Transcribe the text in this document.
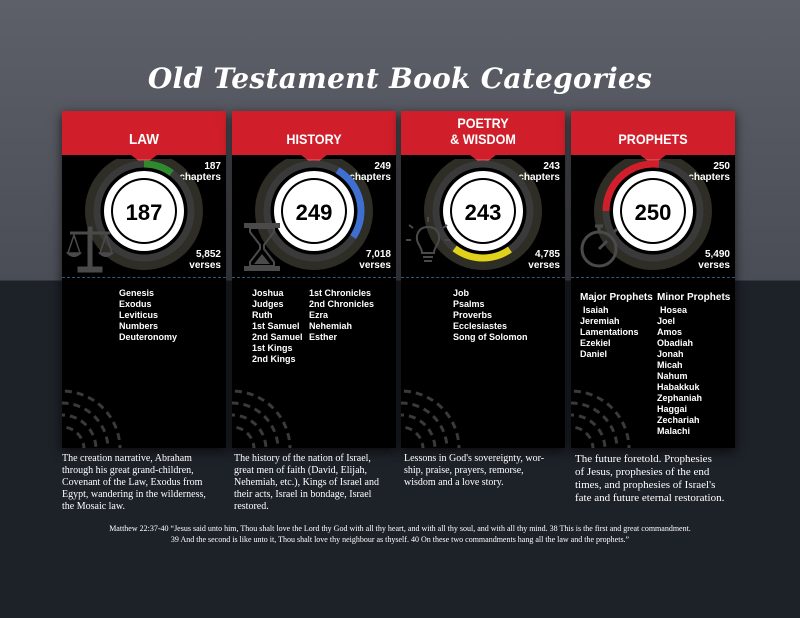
Old Testament Book Categories
LAW
187
chapters
187
5,852
verses
Genesis
Exodus
Leviticus
Numbers
Deuteronomy
The creation narrative, Abraham
through his great grand-children,
Covenant of the Law, Exodus from
Egypt, wandering in the wilderness,
the Mosaic law.
HISTORY
249
chapters
249
7,018
verses
Joshua
Judges
Ruth
1st Samuel
2nd Samuel
1st Kings
2nd Kings
1st Chronicles
2nd Chronicles
Ezra
Nehemiah
Esther
The history of the nation of Israel,
great men of faith (David, Elijah,
Nehemiah, etc.), Kings of Israel and
their acts, Israel in bondage, Israel
restored.
POETRY
& WISDOM
243
chapters
243
4,785
verses
Job
Psalms
Proverbs
Ecclesiastes
Song of Solomon
Lessons in God's sovereignty, wor-
ship, praise, prayers, remorse,
wisdom and a love story.
PROPHETS
250
chapters
250
5,490
verses
Major Prophets
Isaiah
Jeremiah
Lamentations
Ezekiel
Daniel
Minor Prophets
Hosea
Joel
Amos
Obadiah
Jonah
Micah
Nahum
Habakkuk
Zephaniah
Haggai
Zechariah
Malachi
The future foretold. Prophesies
of Jesus, prophesies of the end
times, and prophesies of Israel's
fate and future eternal restoration.
Matthew 22:37-40 “Jesus said unto him, Thou shalt love the Lord thy God with all thy heart, and with all thy soul, and with all thy mind. 38 This is the first and great commandment.
39 And the second is like unto it, Thou shalt love thy neighbour as thyself. 40 On these two commandments hang all the law and the prophets.”
